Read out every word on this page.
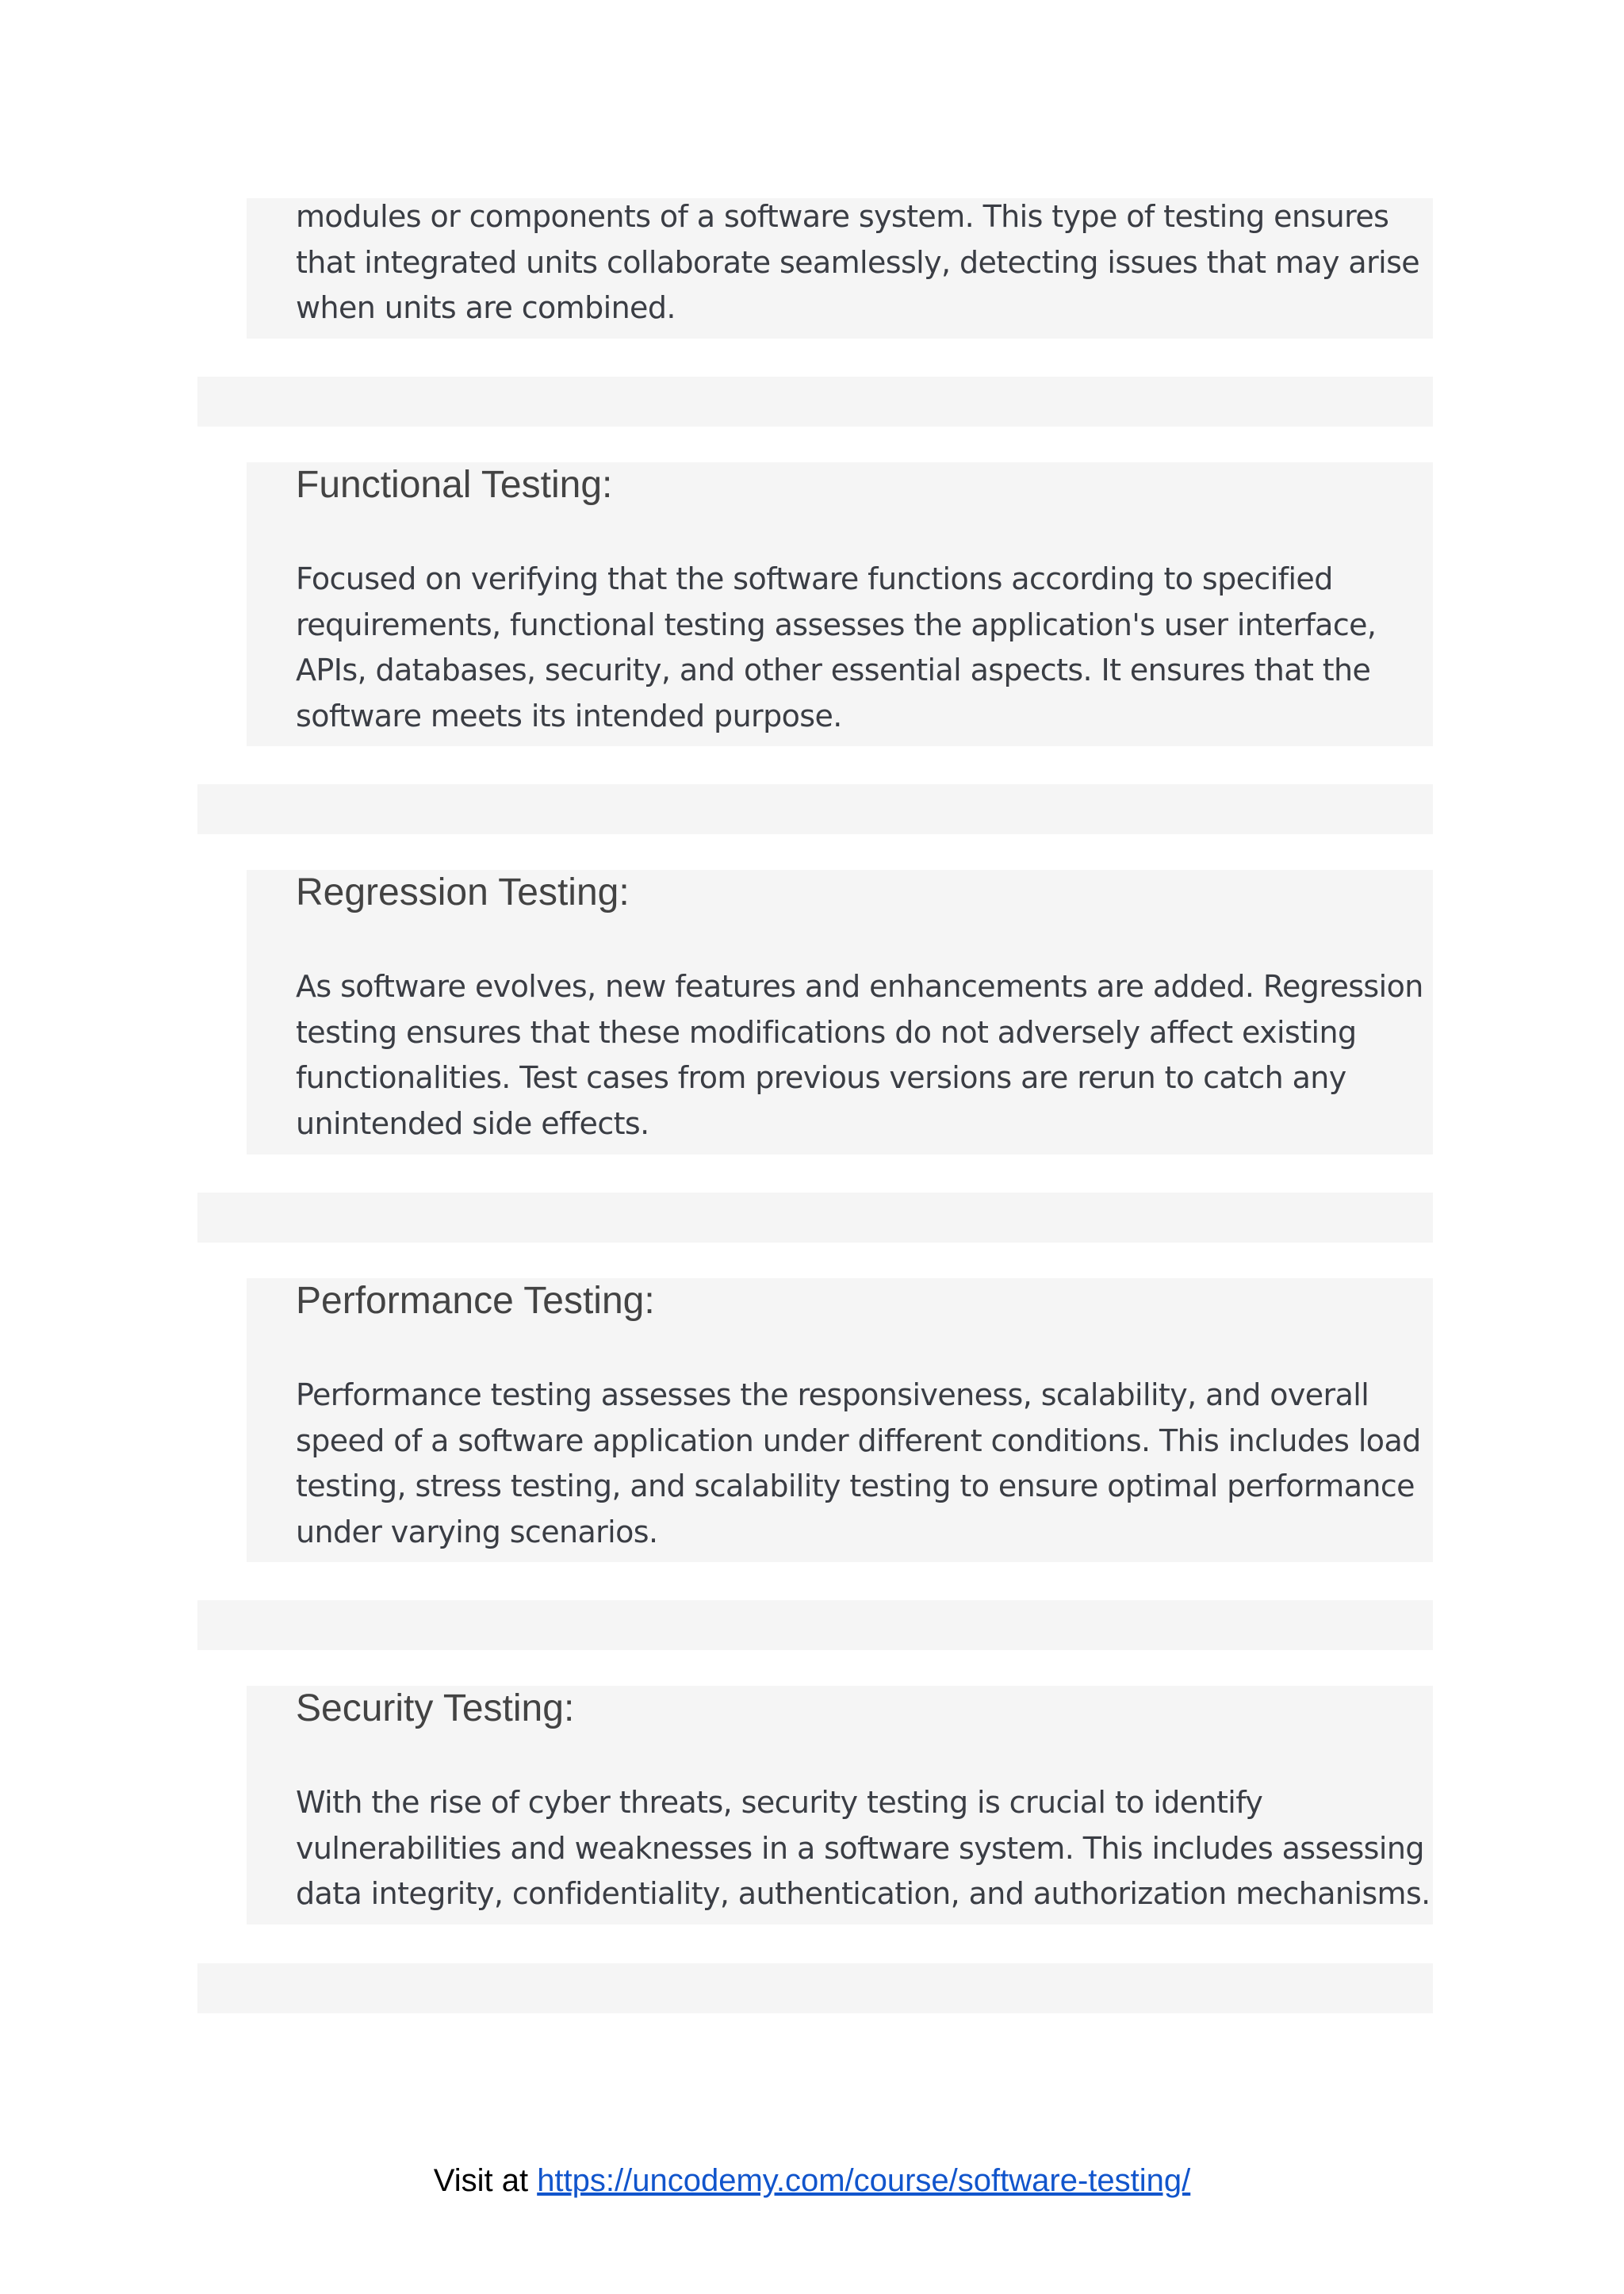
modules or components of a software system. This type of testing ensures
that integrated units collaborate seamlessly, detecting issues that may arise
when units are combined.

Functional Testing:

Focused on verifying that the software functions according to specified
requirements, functional testing assesses the application's user interface,
APIs, databases, security, and other essential aspects. It ensures that the
software meets its intended purpose.

Regression Testing:

As software evolves, new features and enhancements are added. Regression
testing ensures that these modifications do not adversely affect existing
functionalities. Test cases from previous versions are rerun to catch any
unintended side effects.

Performance Testing:

Performance testing assesses the responsiveness, scalability, and overall
speed of a software application under different conditions. This includes load
testing, stress testing, and scalability testing to ensure optimal performance
under varying scenarios.

Security Testing:

With the rise of cyber threats, security testing is crucial to identify
vulnerabilities and weaknesses in a software system. This includes assessing
data integrity, confidentiality, authentication, and authorization mechanisms.

Visit at https://uncodemy.com/course/software-testing/
